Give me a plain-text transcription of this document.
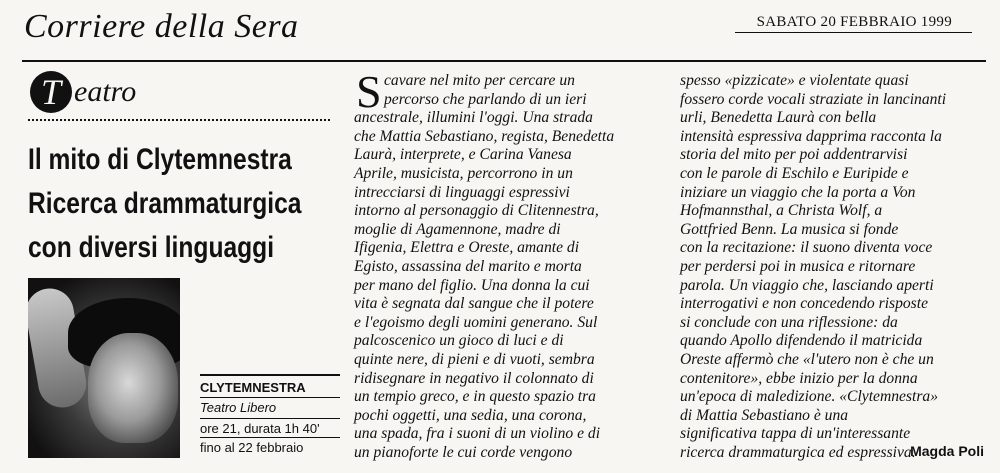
Corriere della Sera	SABATO 20 FEBBRAIO 1999
T eatro
Il mito di Clytemnestra
Ricerca drammaturgica
con diversi linguaggi
CLYTEMNESTRA
Teatro Libero
ore 21, durata 1h 40'
fino al 22 febbraio
S cavare nel mito per cercare un

percorso che parlando di un ieri

ancestrale, illumini l'oggi. Una strada

che Mattia Sebastiano, regista, Benedetta

Laurà, interprete, e Carina Vanesa

Aprile, musicista, percorrono in un

intrecciarsi di linguaggi espressivi

intorno al personaggio di Clitennestra,

moglie di Agamennone, madre di

Ifigenia, Elettra e Oreste, amante di

Egisto, assassina del marito e morta

per mano del figlio. Una donna la cui

vita è segnata dal sangue che il potere

e l'egoismo degli uomini generano. Sul

palcoscenico un gioco di luci e di

quinte nere, di pieni e di vuoti, sembra

ridisegnare in negativo il colonnato di

un tempio greco, e in questo spazio tra

pochi oggetti, una sedia, una corona,

una spada, fra i suoni di un violino e di

un pianoforte le cui corde vengono

spesso «pizzicate» e violentate quasi

fossero corde vocali straziate in lancinanti

urli, Benedetta Laurà con bella

intensità espressiva dapprima racconta la

storia del mito per poi addentrarvisi

con le parole di Eschilo e Euripide e

iniziare un viaggio che la porta a Von

Hofmannsthal, a Christa Wolf, a

Gottfried Benn. La musica si fonde

con la recitazione: il suono diventa voce

per perdersi poi in musica e ritornare

parola. Un viaggio che, lasciando aperti

interrogativi e non concedendo risposte

si conclude con una riflessione: da

quando Apollo difendendo il matricida

Oreste affermò che «l'utero non è che un

contenitore», ebbe inizio per la donna

un'epoca di maledizione. «Clytemnestra»

di Mattia Sebastiano è una

significativa tappa di un'interessante

ricerca drammaturgica ed espressiva.

Magda Poli
